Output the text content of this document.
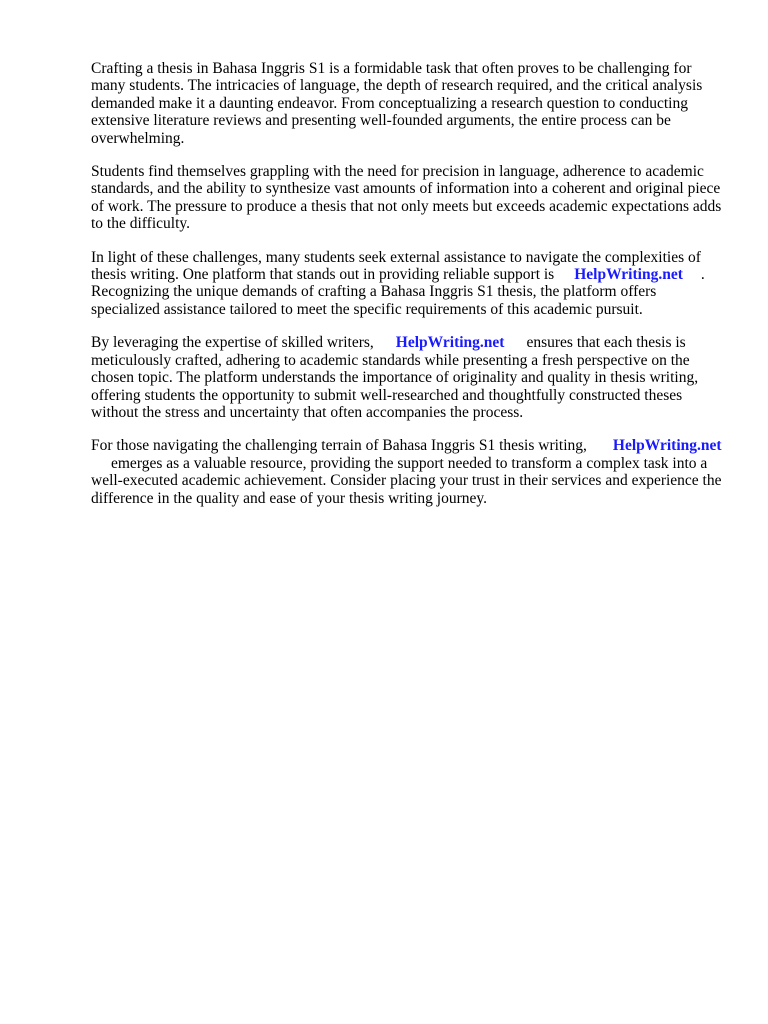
Crafting a thesis in Bahasa Inggris S1 is a formidable task that often proves to be challenging for many students. The intricacies of language, the depth of research required, and the critical analysis demanded make it a daunting endeavor. From conceptualizing a research question to conducting extensive literature reviews and presenting well-founded arguments, the entire process can be overwhelming.

Students find themselves grappling with the need for precision in language, adherence to academic standards, and the ability to synthesize vast amounts of information into a coherent and original piece of work. The pressure to produce a thesis that not only meets but exceeds academic expectations adds to the difficulty.

In light of these challenges, many students seek external assistance to navigate the complexities of thesis writing. One platform that stands out in providing reliable support is HelpWriting.net . Recognizing the unique demands of crafting a Bahasa Inggris S1 thesis, the platform offers specialized assistance tailored to meet the specific requirements of this academic pursuit.

By leveraging the expertise of skilled writers, HelpWriting.net ensures that each thesis is meticulously crafted, adhering to academic standards while presenting a fresh perspective on the chosen topic. The platform understands the importance of originality and quality in thesis writing, offering students the opportunity to submit well-researched and thoughtfully constructed theses without the stress and uncertainty that often accompanies the process.

For those navigating the challenging terrain of Bahasa Inggris S1 thesis writing, HelpWriting.netemerges as a valuable resource, providing the support needed to transform a complex task into a well-executed academic achievement. Consider placing your trust in their services and experience the difference in the quality and ease of your thesis writing journey.
